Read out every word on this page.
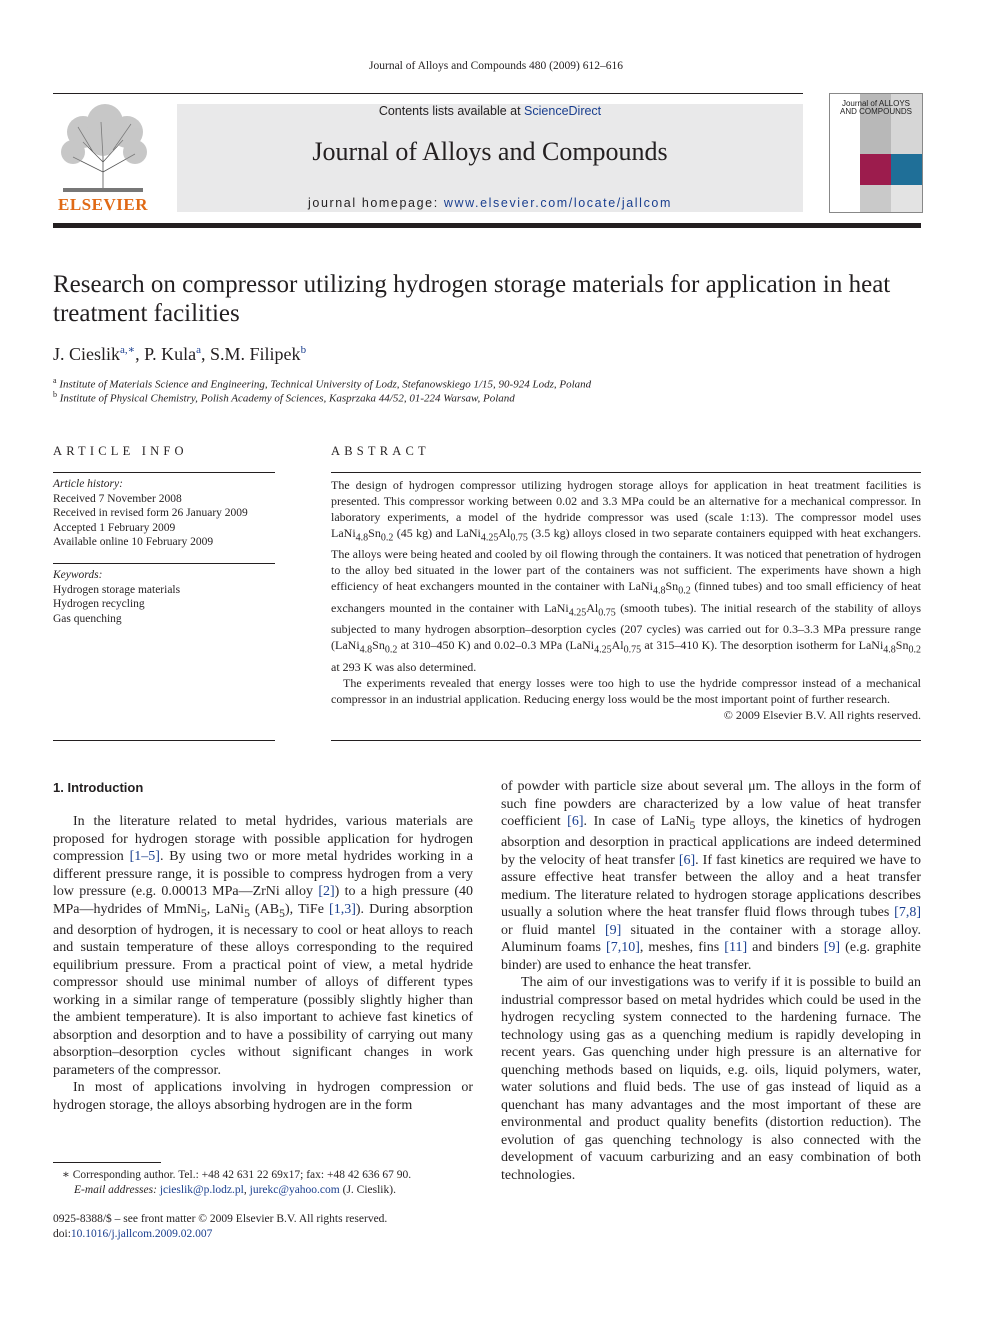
Journal of Alloys and Compounds 480 (2009) 612–616
ELSEVIER
Contents lists available at ScienceDirect
Journal of Alloys and Compounds
journal homepage: www.elsevier.com/locate/jallcom
Journal of ALLOYS AND COMPOUNDS
Research on compressor utilizing hydrogen storage materials for application in heat treatment facilities
J. Cieslik$^{a,∗}$, P. Kula$^a$, S.M. Filipek$^b$
$^a$ Institute of Materials Science and Engineering, Technical University of Lodz, Stefanowskiego 1/15, 90-924 Lodz, Poland
$^b$ Institute of Physical Chemistry, Polish Academy of Sciences, Kasprzaka 44/52, 01-224 Warsaw, Poland
ARTICLE INFO
Article history:
Received 7 November 2008
Received in revised form 26 January 2009
Accepted 1 February 2009
Available online 10 February 2009
Keywords:
Hydrogen storage materials
Hydrogen recycling
Gas quenching
ABSTRACT

The design of hydrogen compressor utilizing hydrogen storage alloys for application in heat treatment facilities is presented. This compressor working between 0.02 and 3.3 MPa could be an alternative for a mechanical compressor. In laboratory experiments, a model of the hydride compressor was used (scale 1:13). The compressor model uses $LaNi_{4.8}Sn_{0.2}$ (45 kg) and $LaNi_{4.25}Al_{0.75}$ (3.5 kg) alloys closed in two separate containers equipped with heat exchangers. The alloys were being heated and cooled by oil flowing through the containers. It was noticed that penetration of hydrogen to the alloy bed situated in the lower part of the containers was not sufficient. The experiments have shown a high efficiency of heat exchangers mounted in the container with $LaNi_{4.8}Sn_{0.2}$ (finned tubes) and too small efficiency of heat exchangers mounted in the container with $LaNi_{4.25}Al_{0.75}$ (smooth tubes). The initial research of the stability of alloys subjected to many hydrogen absorption–desorption cycles (207 cycles) was carried out for 0.3–3.3 MPa pressure range ($LaNi_{4.8}Sn_{0.2}$ at 310–450 K) and 0.02–0.3 MPa ($LaNi_{4.25}Al_{0.75}$ at 315–410 K). The desorption isotherm for $LaNi_{4.8}Sn_{0.2}$ at 293 K was also determined.

The experiments revealed that energy losses were too high to use the hydride compressor instead of a mechanical compressor in an industrial application. Reducing energy loss would be the most important point of further research.

© 2009 Elsevier B.V. All rights reserved.

1. Introduction

In the literature related to metal hydrides, various materials are proposed for hydrogen storage with possible application for hydrogen compression [1–5]. By using two or more metal hydrides working in a different pressure range, it is possible to compress hydrogen from a very low pressure (e.g. 0.00013 MPa—ZrNi alloy [2]) to a high pressure (40 MPa—hydrides of MmNi$_5$, LaNi$_5$ $(AB_5)$, TiFe [1,3]). During absorption and desorption of hydrogen, it is necessary to cool or heat alloys to reach and sustain temperature of these alloys corresponding to the required equilibrium pressure. From a practical point of view, a metal hydride compressor should use minimal number of alloys of different types working in a similar range of temperature (possibly slightly higher than the ambient temperature). It is also important to achieve fast kinetics of absorption and desorption and to have a possibility of carrying out many absorption–desorption cycles without significant changes in work parameters of the compressor.

In most of applications involving in hydrogen compression or hydrogen storage, the alloys absorbing hydrogen are in the form

of powder with particle size about several μm. The alloys in the form of such fine powders are characterized by a low value of heat transfer coefficient [6]. In case of LaNi$_5$ type alloys, the kinetics of hydrogen absorption and desorption in practical applications are indeed determined by the velocity of heat transfer [6]. If fast kinetics are required we have to assure effective heat transfer between the alloy and a heat transfer medium. The literature related to hydrogen storage applications describes usually a solution where the heat transfer fluid flows through tubes [7,8] or fluid mantel [9] situated in the container with a storage alloy. Aluminum foams [7,10], meshes, fins [11] and binders [9] (e.g. graphite binder) are used to enhance the heat transfer.

The aim of our investigations was to verify if it is possible to build an industrial compressor based on metal hydrides which could be used in the hydrogen recycling system connected to the hardening furnace. The technology using gas as a quenching medium is rapidly developing in recent years. Gas quenching under high pressure is an alternative for quenching methods based on liquids, e.g. oils, liquid polymers, water, water solutions and fluid beds. The use of gas instead of liquid as a quenchant has many advantages and the most important of these are environmental and product quality benefits (distortion reduction). The evolution of gas quenching technology is also connected with the development of vacuum carburizing and an easy combination of both technologies.

∗ Corresponding author. Tel.: +48 42 631 22 69x17; fax: +48 42 636 67 90.
E-mail addresses: jcieslik@p.lodz.pl, jurekc@yahoo.com (J. Cieslik).
0925-8388/$ – see front matter © 2009 Elsevier B.V. All rights reserved.
doi:10.1016/j.jallcom.2009.02.007
